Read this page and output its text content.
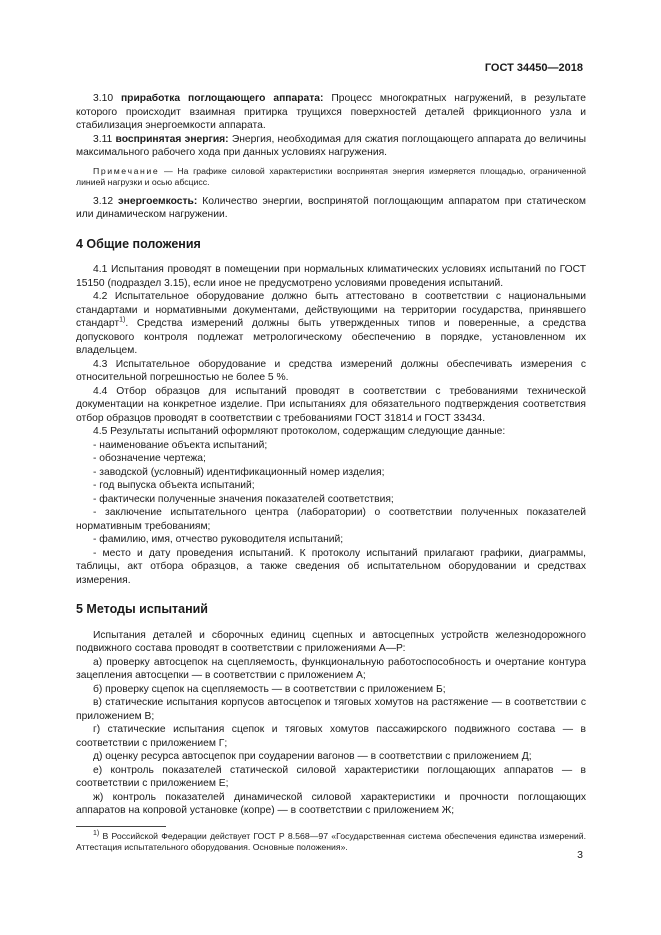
ГОСТ 34450—2018

3.10 приработка поглощающего аппарата: Процесс многократных нагружений, в результате которого происходит взаимная притирка трущихся поверхностей деталей фрикционного узла и стабилизация энергоемкости аппарата.

3.11 воспринятая энергия: Энергия, необходимая для сжатия поглощающего аппарата до величины максимального рабочего хода при данных условиях нагружения.

Примечание — На графике силовой характеристики воспринятая энергия измеряется площадью, ограниченной линией нагрузки и осью абсцисс.

3.12 энергоемкость: Количество энергии, воспринятой поглощающим аппаратом при статическом или динамическом нагружении.

4 Общие положения

4.1 Испытания проводят в помещении при нормальных климатических условиях испытаний по ГОСТ 15150 (подраздел 3.15), если иное не предусмотрено условиями проведения испытаний.

4.2 Испытательное оборудование должно быть аттестовано в соответствии с национальными стандартами и нормативными документами, действующими на территории государства, принявшего стандарт$^{1)}$. Средства измерений должны быть утвержденных типов и поверенные, а средства допускового контроля подлежат метрологическому обеспечению в порядке, установленном их владельцем.

4.3 Испытательное оборудование и средства измерений должны обеспечивать измерения с относительной погрешностью не более 5 %.

4.4 Отбор образцов для испытаний проводят в соответствии с требованиями технической документации на конкретное изделие. При испытаниях для обязательного подтверждения соответствия отбор образцов проводят в соответствии с требованиями ГОСТ 31814 и ГОСТ 33434.

4.5 Результаты испытаний оформляют протоколом, содержащим следующие данные:

- наименование объекта испытаний;

- обозначение чертежа;

- заводской (условный) идентификационный номер изделия;

- год выпуска объекта испытаний;

- фактически полученные значения показателей соответствия;

- заключение испытательного центра (лаборатории) о соответствии полученных показателей нормативным требованиям;

- фамилию, имя, отчество руководителя испытаний;

- место и дату проведения испытаний. К протоколу испытаний прилагают графики, диаграммы, таблицы, акт отбора образцов, а также сведения об испытательном оборудовании и средствах измерения.

5 Методы испытаний

Испытания деталей и сборочных единиц сцепных и автосцепных устройств железнодорожного подвижного состава проводят в соответствии с приложениями А—Р:

а) проверку автосцепок на сцепляемость, функциональную работоспособность и очертание контура зацепления автосцепки — в соответствии с приложением А;

б) проверку сцепок на сцепляемость — в соответствии с приложением Б;

в) статические испытания корпусов автосцепок и тяговых хомутов на растяжение — в соответствии с приложением В;

г) статические испытания сцепок и тяговых хомутов пассажирского подвижного состава — в соответствии с приложением Г;

д) оценку ресурса автосцепок при соударении вагонов — в соответствии с приложением Д;

е) контроль показателей статической силовой характеристики поглощающих аппаратов — в соответствии с приложением Е;

ж) контроль показателей динамической силовой характеристики и прочности поглощающих аппаратов на копровой установке (копре) — в соответствии с приложением Ж;

$^{1)}$ В Российской Федерации действует ГОСТ Р 8.568—97 «Государственная система обеспечения единства измерений. Аттестация испытательного оборудования. Основные положения».

3
